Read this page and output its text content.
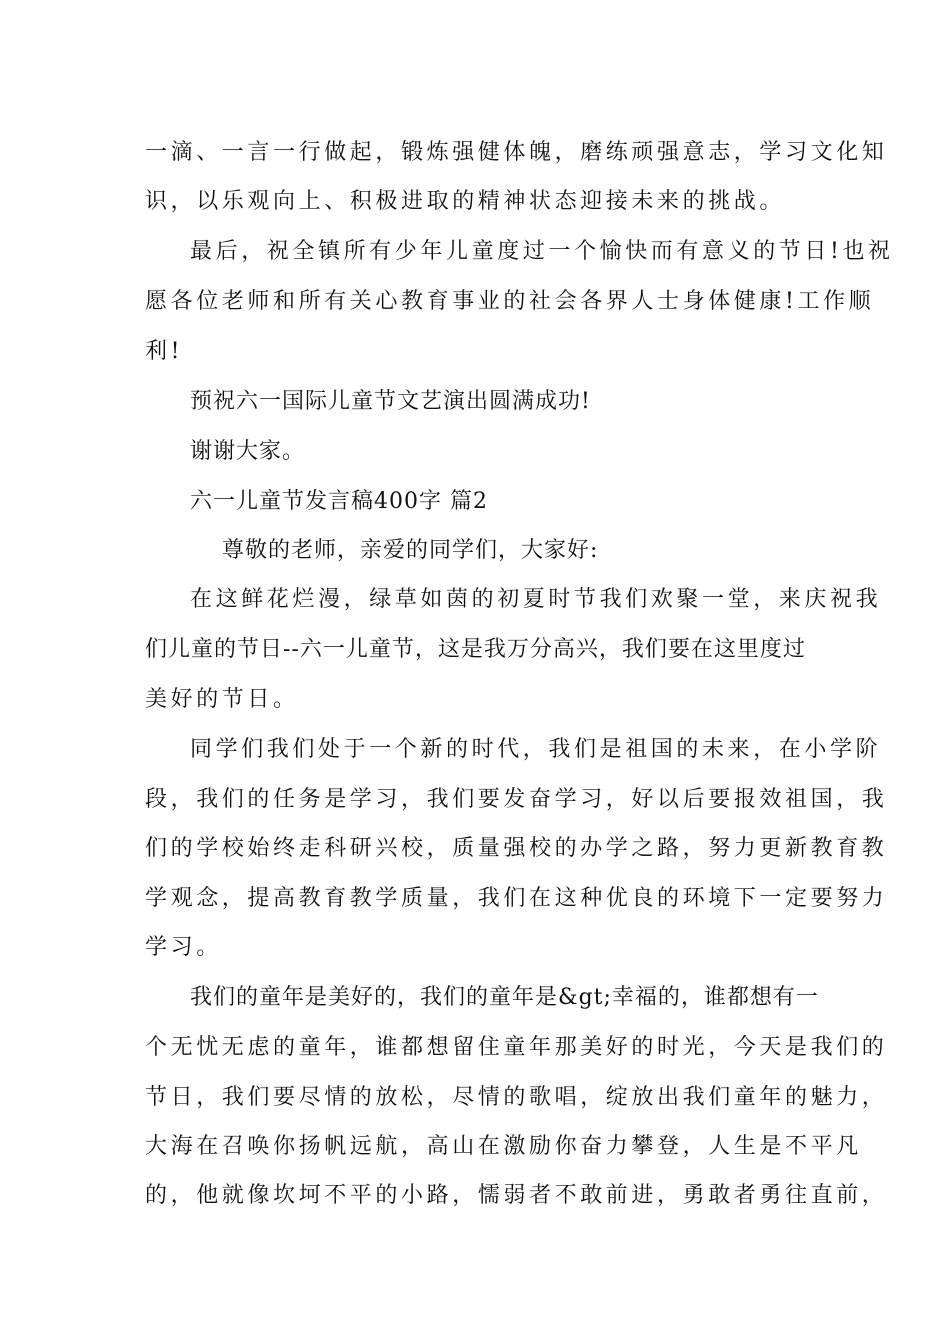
一滴、一言一行做起，锻炼强健体魄，磨练顽强意志，学习文化知

识，以乐观向上、积极进取的精神状态迎接未来的挑战。

最后，祝全镇所有少年儿童度过一个愉快而有意义的节日!也祝

愿各位老师和所有关心教育事业的社会各界人士身体健康!工作顺

利!

预祝六一国际儿童节文艺演出圆满成功!

谢谢大家。

六一儿童节发言稿400字 篇2

尊敬的老师，亲爱的同学们，大家好:

在这鲜花烂漫，绿草如茵的初夏时节我们欢聚一堂，来庆祝我

们儿童的节日--六一儿童节，这是我万分高兴，我们要在这里度过

美好的节日。

同学们我们处于一个新的时代，我们是祖国的未来，在小学阶

段，我们的任务是学习，我们要发奋学习，好以后要报效祖国，我

们的学校始终走科研兴校，质量强校的办学之路，努力更新教育教

学观念，提高教育教学质量，我们在这种优良的环境下一定要努力

学习。

我们的童年是美好的，我们的童年是&gt;幸福的，谁都想有一

个无忧无虑的童年，谁都想留住童年那美好的时光，今天是我们的

节日，我们要尽情的放松，尽情的歌唱，绽放出我们童年的魅力，

大海在召唤你扬帆远航，高山在激励你奋力攀登，人生是不平凡

的，他就像坎坷不平的小路，懦弱者不敢前进，勇敢者勇往直前，
